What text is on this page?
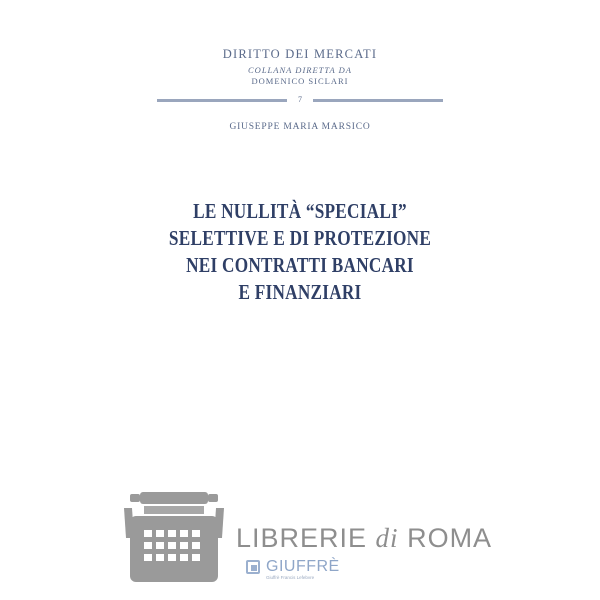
DIRITTO DEI MERCATI
COLLANA DIRETTA DA
DOMENICO SICLARI
7
GIUSEPPE MARIA MARSICO
LE NULLITÀ “SPECIALI”
SELETTIVE E DI PROTEZIONE
NEI CONTRATTI BANCARI
E FINANZIARI
LIBRERIE di ROMA
GIUFFRÈ
Giuffrè Francis Lefebvre
